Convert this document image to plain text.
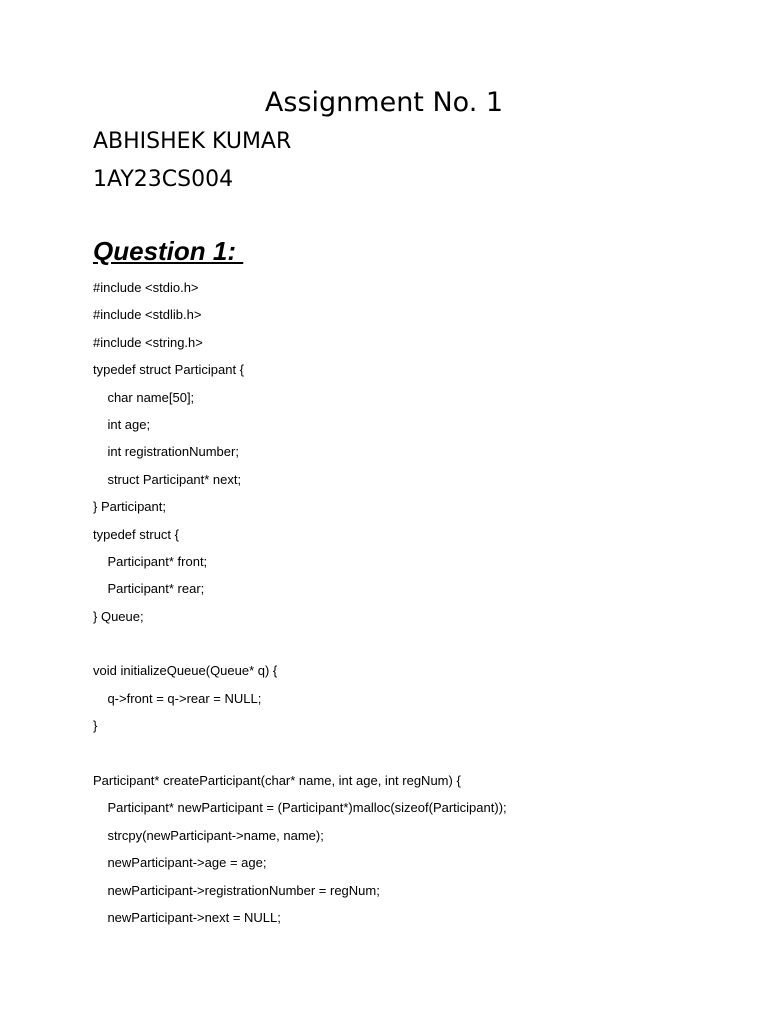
Assignment No. 1

ABHISHEK KUMAR

1AY23CS004

Question 1:
#include <stdio.h>
#include <stdlib.h>
#include <string.h>
typedef struct Participant {
char name[50];
int age;
int registrationNumber;
struct Participant* next;
} Participant;
typedef struct {
Participant* front;
Participant* rear;
} Queue;
void initializeQueue(Queue* q) {
q->front = q->rear = NULL;
}
Participant* createParticipant(char* name, int age, int regNum) {
Participant* newParticipant = (Participant*)malloc(sizeof(Participant));
strcpy(newParticipant->name, name);
newParticipant->age = age;
newParticipant->registrationNumber = regNum;
newParticipant->next = NULL;
